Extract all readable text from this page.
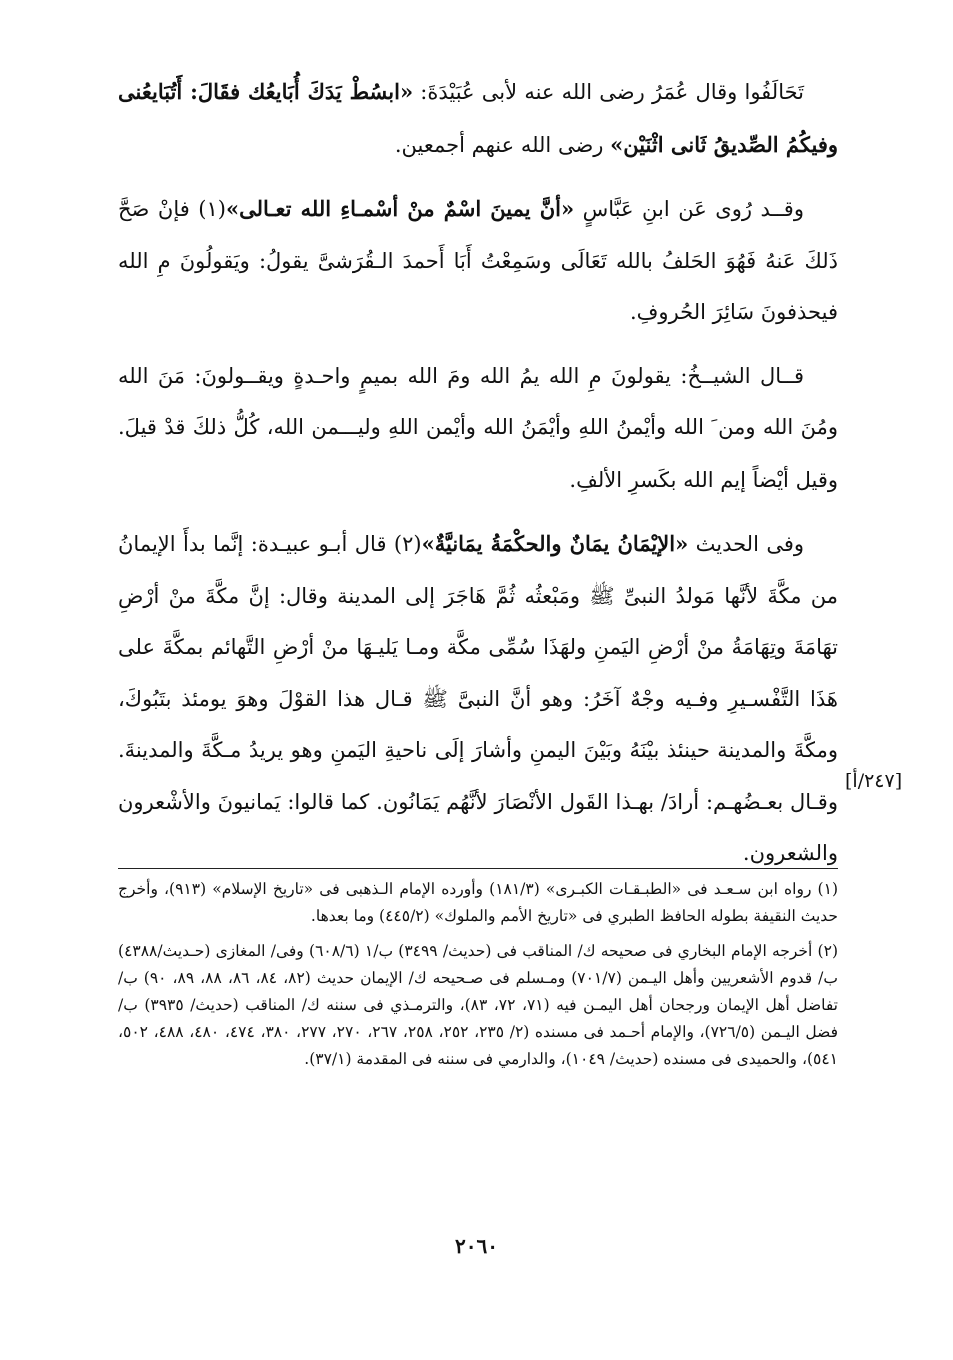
تَحَالَفُوا وقال عُمَرُ رضى الله عنه لأبى عُبَيْدَةَ: «ابسُطْ يَدَكَ أُبَايعُك فقَالَ: أَتُبَايعُنى وفيكُمُ الصِّديقُ ثَانى اثْنَيْن» رضى الله عنهم أجمعين.

وقــد رُوى عَن ابنِ عَبَّاسٍ «أنَّ يمينَ اسْمٌ منْ أسْمـاءِ الله تعـالى»(١) فإنْ صَحَّ ذَلكَ عَنهُ فَهُوَ الحَلفُ بالله تَعَالَى وسَمِعْتُ أَبَا أَحمدَ الـقُرَشىَّ يقولُ: ويَقولُونَ مِ الله فيحذفونَ سَائِرَ الحُروفِ.

قــال الشيــخُ: يقولونَ مِ الله يمُ الله ومَ الله بميمٍ واحـدةٍ ويقــولونَ: مَنَ الله ومُنَ الله ومن َ الله وأيْمنُ اللهِ وأيْمَنُ الله وأيْمن اللهِ وليـــمن الله، كُلُّ ذلكَ قدْ قيلَ. وقيل أيْضاً إيم الله بكَسرِ الألفِ.

وفى الحديث «الإيْمَانُ يمَانٌ والحكْمَةُ يمَانيَّةٌ»(٢) قال أبـو عبيـدة: إنَّما بدأَ الإيمانُ من مكَّةَ لأنَّها مَولدُ النبىِّ ﷺ ومَبْعثُه ثُمَّ هَاجَرَ إلى المدينة وقال: إنَّ مكَّةَ منْ أرْضِ تهَامَةَ وتِهَامَةُ منْ أرْضِ اليَمنِ ولهَذَا سُمِّى مكَّة ومـا يَليـهَا منْ أرْضِ التَّهائم بمكَّةَ على هَذَا التَّفْسـيرِ وفـيه وجْهٌ آخَرُ: وهو أنَّ النبىَّ ﷺ قـال هذا القوْلَ وهوَ يومئذ بتَبُوكَ، ومكَّةَ والمدينة حينئذ بيْنَهُ وبَيْنَ اليمنِ وأشارَ إلَى ناحيةِ اليَمنِ وهو يريدُ مـكَّةَ والمدينةَ. وقـال بعـضُهـم: أرادَ/ بهـذا القَول الأنْصَارَ لأنَّهُم يَمَانُون. كما قالوا: يَمانيونَ والأشْعرون والشعرون.

[٢٤٧/أ]

(١) رواه ابن سـعـد فى «الطبـقـات الكبـرى» (١٨١/٣) وأورده الإمام الـذهبى فى «تاريخ الإسلام» (٩١٣)، وأخرج حديث النقيفة بطوله الحافظ الطبري فى «تاريخ الأمم والملوك» (٤٤٥/٢) وما بعدها.

(٢) أخرجه الإمام البخاري فى صحيحه ك/ المناقب فى (حديث/ ٣٤٩٩) ب/١ (٦٠٨/٦) وفى/ المغازى (حـديث/٤٣٨٨) ب/ قدوم الأشعريين وأهل اليـمن (٧٠١/٧) ومـسلم فى صـحيحه ك/ الإيمان حديث (٨٢، ٨٤، ٨٦، ٨٨، ٨٩، ٩٠) ب/ تفاضل أهل الإيمان ورجحان أهل اليمـن فيه (٧١، ٧٢، ٨٣)، والترمـذي فى سننه ك/ المناقب (حديث/ ٣٩٣٥) ب/ فضل اليـمن (٧٢٦/٥)، والإمام أحـمد فى مسنده (٢/ ٢٣٥، ٢٥٢، ٢٥٨، ٢٦٧، ٢٧٠، ٢٧٧، ٣٨٠، ٤٧٤، ٤٨٠، ٤٨٨، ٥٠٢، ٥٤١)، والحميدى فى مسنده (حديث/ ١٠٤٩)، والدارمي فى سننه فى المقدمة (٣٧/١).

٢٠٦٠
